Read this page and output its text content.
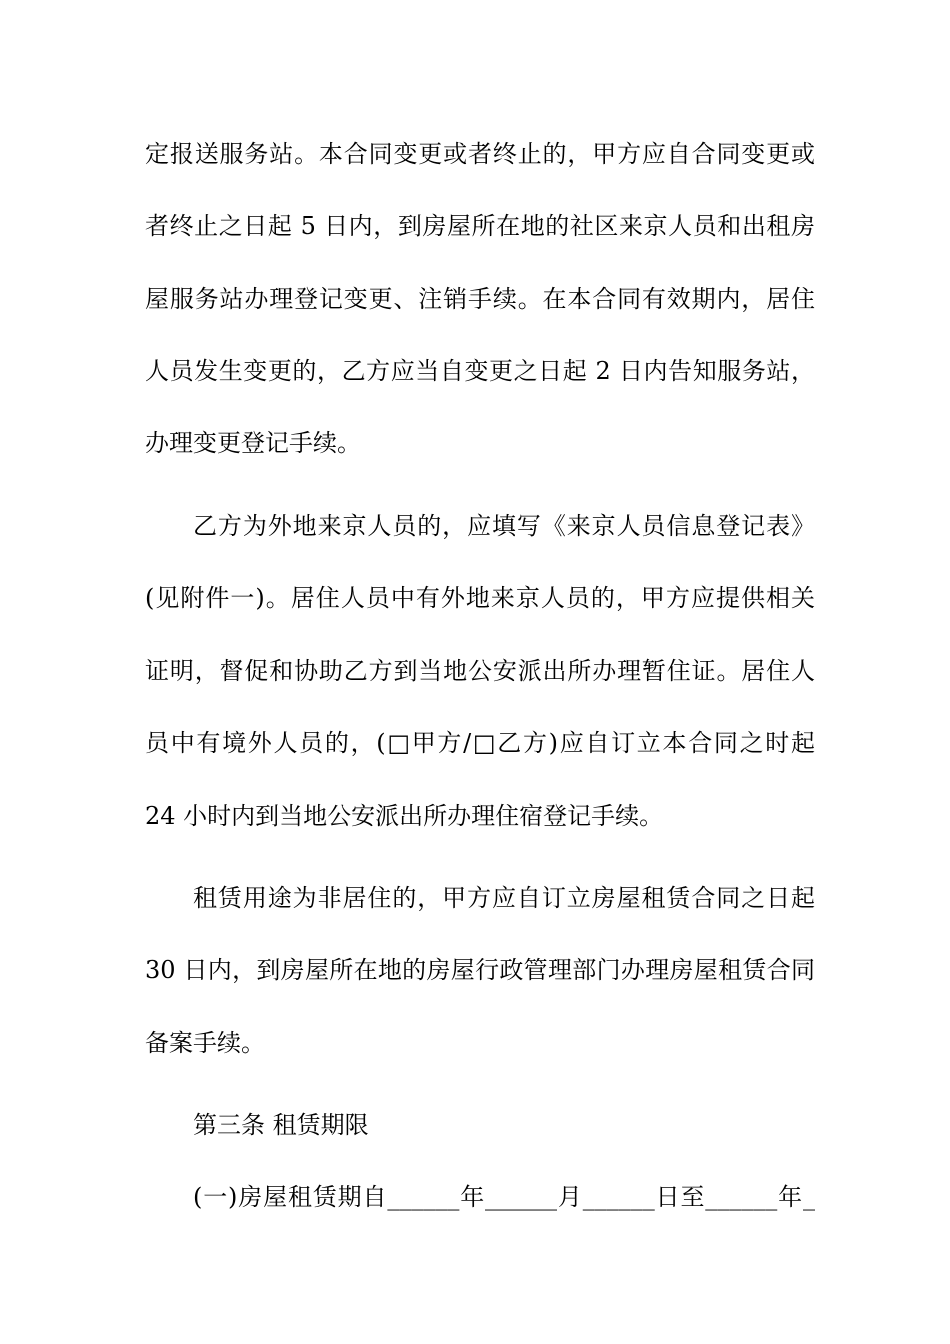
定报送服务站。本合同变更或者终止的，甲方应自合同变更或
者终止之日起 5 日内，到房屋所在地的社区来京人员和出租房
屋服务站办理登记变更、注销手续。在本合同有效期内，居住
人员发生变更的，乙方应当自变更之日起 2 日内告知服务站，
办理变更登记手续。
乙方为外地来京人员的，应填写《来京人员信息登记表》
(见附件一)。居住人员中有外地来京人员的，甲方应提供相关
证明，督促和协助乙方到当地公安派出所办理暂住证。居住人
员中有境外人员的，(□甲方/□乙方)应自订立本合同之时起
24 小时内到当地公安派出所办理住宿登记手续。
租赁用途为非居住的，甲方应自订立房屋租赁合同之日起
30 日内，到房屋所在地的房屋行政管理部门办理房屋租赁合同
备案手续。
第三条 租赁期限
(一)房屋租赁期自______年______月______日至______年_
